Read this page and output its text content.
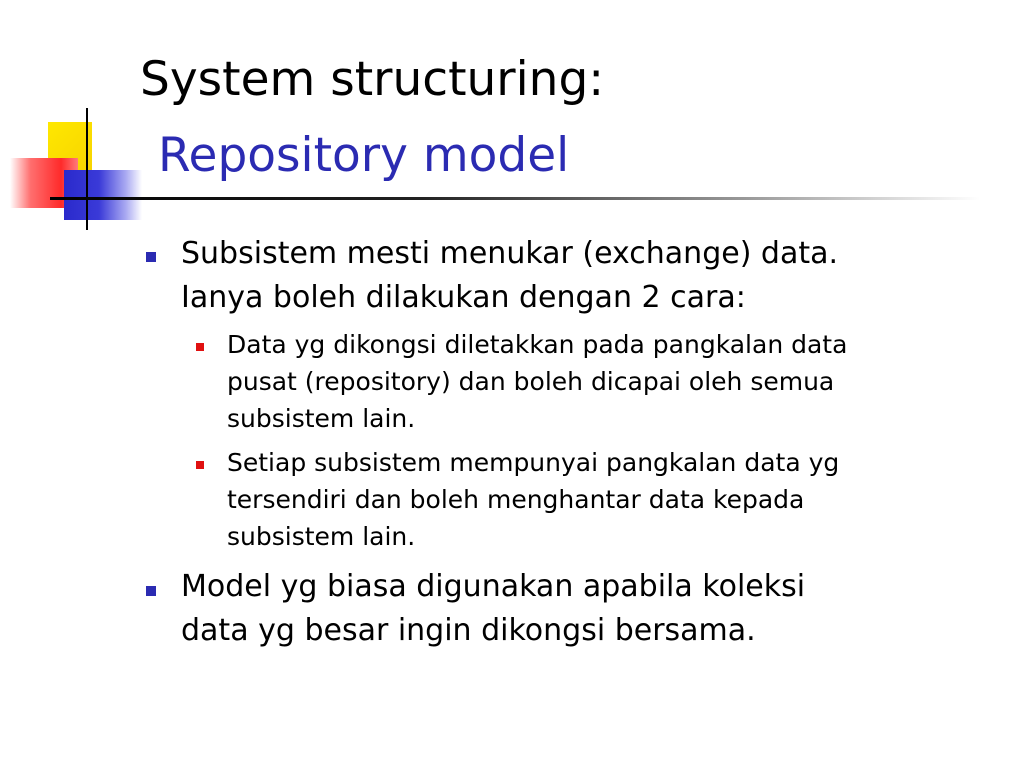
System structuring:
Repository model
Subsistem mesti menukar (exchange) data.
Ianya boleh dilakukan dengan 2 cara:
Data yg dikongsi diletakkan pada pangkalan data
pusat (repository) dan boleh dicapai oleh semua
subsistem lain.
Setiap subsistem mempunyai pangkalan data yg
tersendiri dan boleh menghantar data kepada
subsistem lain.
Model yg biasa digunakan apabila koleksi
data yg besar ingin dikongsi bersama.
